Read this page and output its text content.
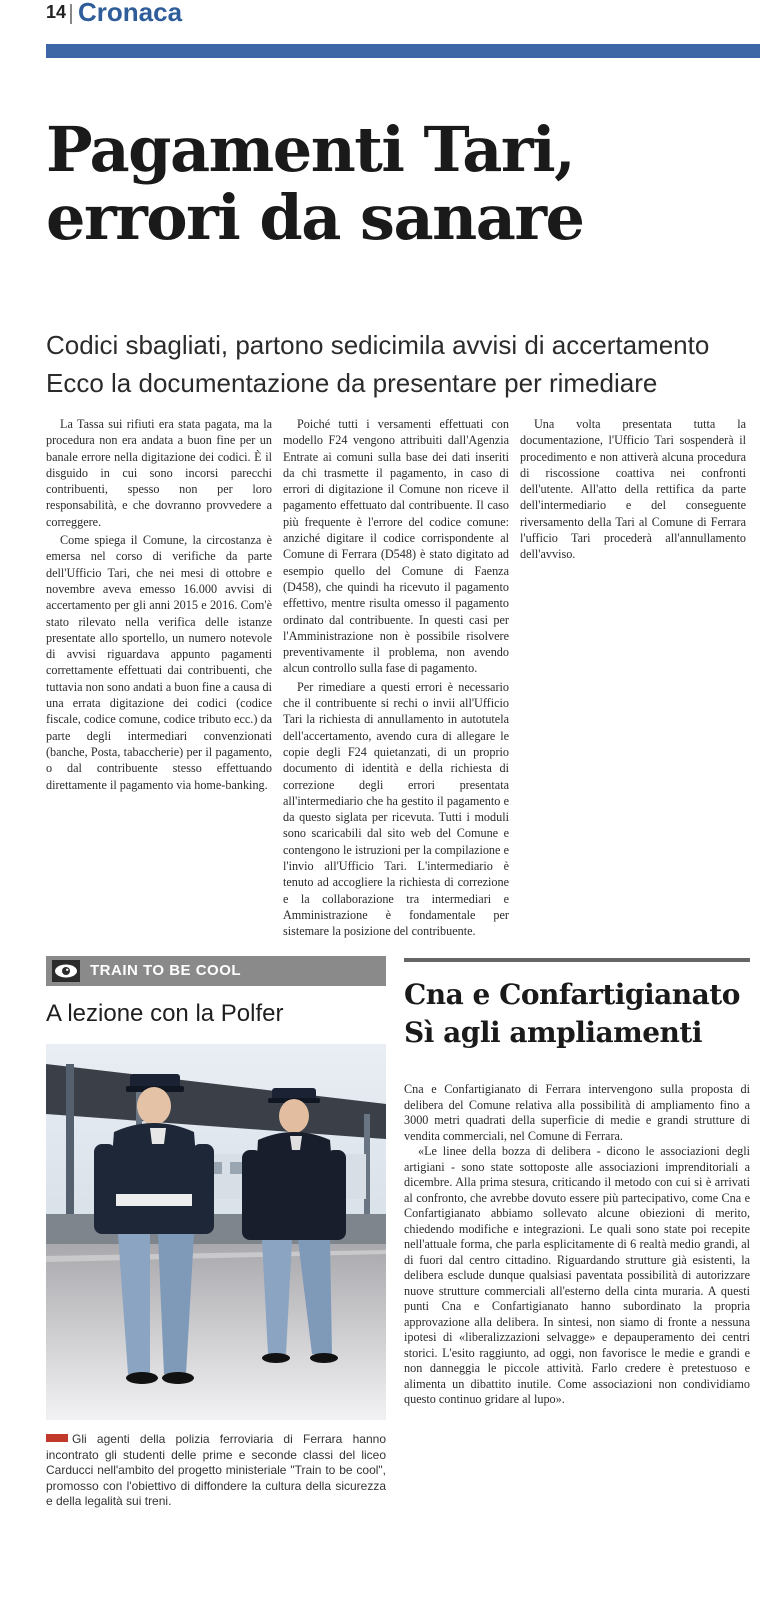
14 Cronaca
Pagamenti Tari,
errori da sanare
Codici sbagliati, partono sedicimila avvisi di accertamento
Ecco la documentazione da presentare per rimediare

La Tassa sui rifiuti era stata pagata, ma la procedura non era andata a buon fine per un banale errore nella digitazione dei codici. È il disguido in cui sono incorsi parecchi contribuenti, spesso non per loro responsabilità, e che dovranno provvedere a correggere.

Come spiega il Comune, la circostanza è emersa nel corso di verifiche da parte dell'Ufficio Tari, che nei mesi di ottobre e novembre aveva emesso 16.000 avvisi di accertamento per gli anni 2015 e 2016. Com'è stato rilevato nella verifica delle istanze presentate allo sportello, un numero notevole di avvisi riguardava appunto pagamenti correttamente effettuati dai contribuenti, che tuttavia non sono andati a buon fine a causa di una errata digitazione dei codici (codice fiscale, codice comune, codice tributo ecc.) da parte degli intermediari convenzionati (banche, Posta, tabaccherie) per il pagamento, o dal contribuente stesso effettuando direttamente il pagamento via home-banking.

Poiché tutti i versamenti effettuati con modello F24 vengono attribuiti dall'Agenzia Entrate ai comuni sulla base dei dati inseriti da chi trasmette il pagamento, in caso di errori di digitazione il Comune non riceve il pagamento effettuato dal contribuente. Il caso più frequente è l'errore del codice comune: anziché digitare il codice corrispondente al Comune di Ferrara (D548) è stato digitato ad esempio quello del Comune di Faenza (D458), che quindi ha ricevuto il pagamento effettivo, mentre risulta omesso il pagamento ordinato dal contribuente. In questi casi per l'Amministrazione non è possibile risolvere preventivamente il problema, non avendo alcun controllo sulla fase di pagamento.

Per rimediare a questi errori è necessario che il contribuente si rechi o invii all'Ufficio Tari la richiesta di annullamento in autotutela dell'accertamento, avendo cura di allegare le copie degli F24 quietanzati, di un proprio documento di identità e della richiesta di correzione degli errori presentata all'intermediario che ha gestito il pagamento e da questo siglata per ricevuta. Tutti i moduli sono scaricabili dal sito web del Comune e contengono le istruzioni per la compilazione e l'invio all'Ufficio Tari. L'intermediario è tenuto ad accogliere la richiesta di correzione e la collaborazione tra intermediari e Amministrazione è fondamentale per sistemare la posizione del contribuente.

Una volta presentata tutta la documentazione, l'Ufficio Tari sospenderà il procedimento e non attiverà alcuna procedura di riscossione coattiva nei confronti dell'utente. All'atto della rettifica da parte dell'intermediario e del conseguente riversamento della Tari al Comune di Ferrara l'ufficio Tari procederà all'annullamento dell'avviso.

TRAIN TO BE COOL
A lezione con la Polfer

Gli agenti della polizia ferroviaria di Ferrara hanno incontrato gli studenti delle prime e seconde classi del liceo Carducci nell'ambito del progetto ministeriale "Train to be cool", promosso con l'obiettivo di diffondere la cultura della sicurezza e della legalità sui treni.

Cna e Confartigianato
Sì agli ampliamenti

Cna e Confartigianato di Ferrara intervengono sulla proposta di delibera del Comune relativa alla possibilità di ampliamento fino a 3000 metri quadrati della superficie di medie e grandi strutture di vendita commerciali, nel Comune di Ferrara.

«Le linee della bozza di delibera - dicono le associazioni degli artigiani - sono state sottoposte alle associazioni imprenditoriali a dicembre. Alla prima stesura, criticando il metodo con cui si è arrivati al confronto, che avrebbe dovuto essere più partecipativo, come Cna e Confartigianato abbiamo sollevato alcune obiezioni di merito, chiedendo modifiche e integrazioni. Le quali sono state poi recepite nell'attuale forma, che parla esplicitamente di 6 realtà medio grandi, al di fuori dal centro cittadino. Riguardando strutture già esistenti, la delibera esclude dunque qualsiasi paventata possibilità di autorizzare nuove strutture commerciali all'esterno della cinta muraria. A questi punti Cna e Confartigianato hanno subordinato la propria approvazione alla delibera. In sintesi, non siamo di fronte a nessuna ipotesi di «liberalizzazioni selvagge» e depauperamento dei centri storici. L'esito raggiunto, ad oggi, non favorisce le medie e grandi e non danneggia le piccole attività. Farlo credere è pretestuoso e alimenta un dibattito inutile. Come associazioni non condividiamo questo continuo gridare al lupo».
